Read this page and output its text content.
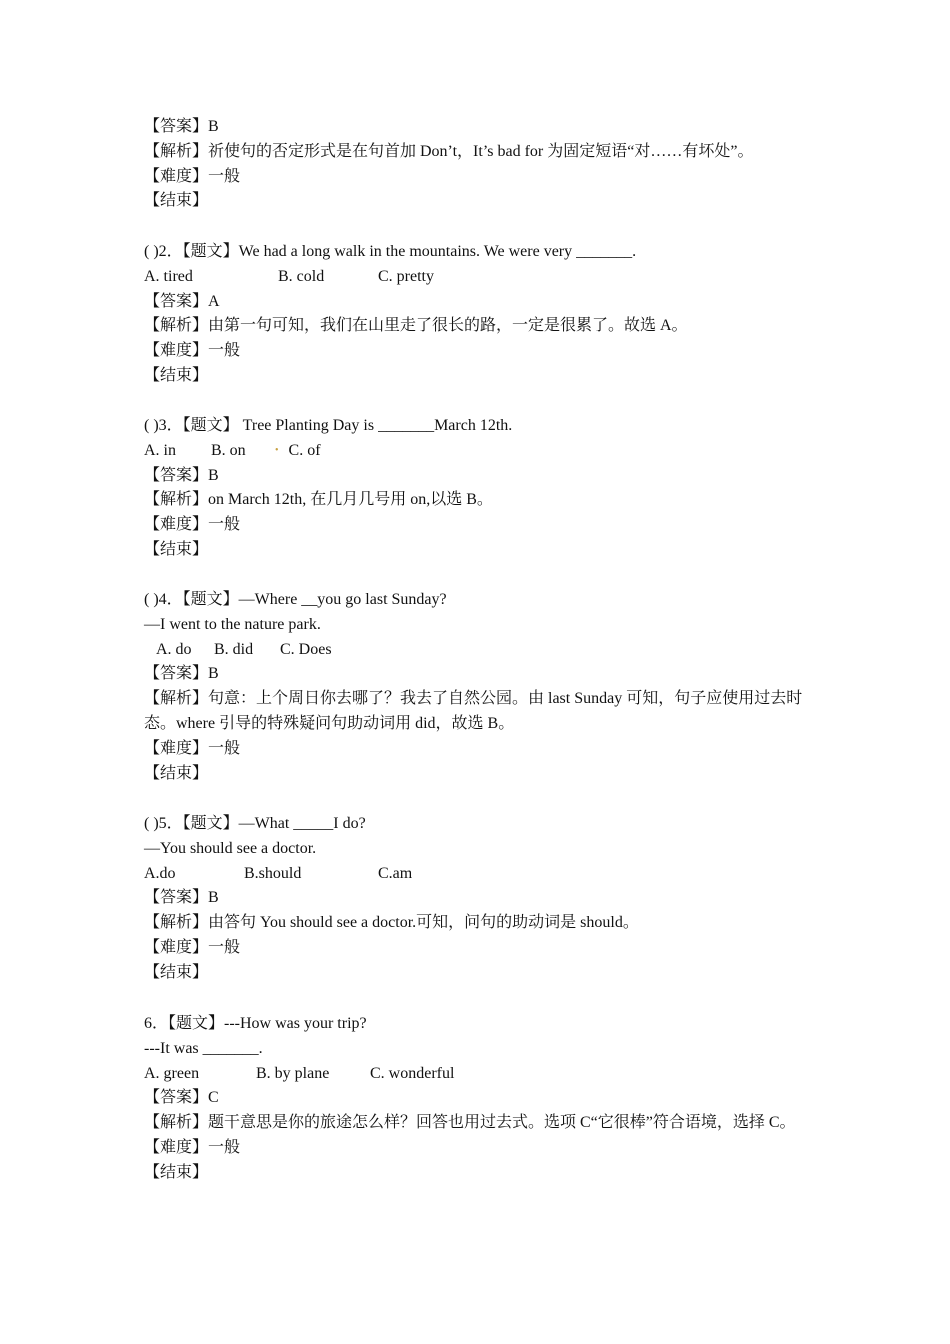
【答案】B
【解析】祈使句的否定形式是在句首加 Don’t，It’s bad for 为固定短语“对……有坏处”。
【难度】一般
【结束】
( )2．【题文】We had a long walk in the mountains. We were very _______.
A. tired	B. cold	C. pretty
【答案】A
【解析】由第一句可知，我们在山里走了很长的路，一定是很累了。故选 A。
【难度】一般
【结束】
( )3．【题文】 Tree Planting Day is _______March 12th.
A. in B. on	• C. of
【答案】B
【解析】on March 12th, 在几月几号用 on,以选 B。
【难度】一般
【结束】
( )4．【题文】—Where __you go last Sunday?
—I went to the nature park.
A. do B. did C. Does
【答案】B
【解析】句意：上个周日你去哪了？我去了自然公园。由 last Sunday 可知，句子应使用过去时态。where 引导的特殊疑问句助动词用 did，故选 B。
【难度】一般
【结束】
( )5．【题文】—What _____I do?
—You should see a doctor.
A.do	B.should	C.am
【答案】B
【解析】由答句 You should see a doctor.可知，问句的助动词是 should。
【难度】一般
【结束】
6．【题文】---How was your trip?
---It was _______.
A. green	B. by plane	C. wonderful
【答案】C
【解析】题干意思是你的旅途怎么样？回答也用过去式。选项 C“它很棒”符合语境，选择 C。
【难度】一般
【结束】
